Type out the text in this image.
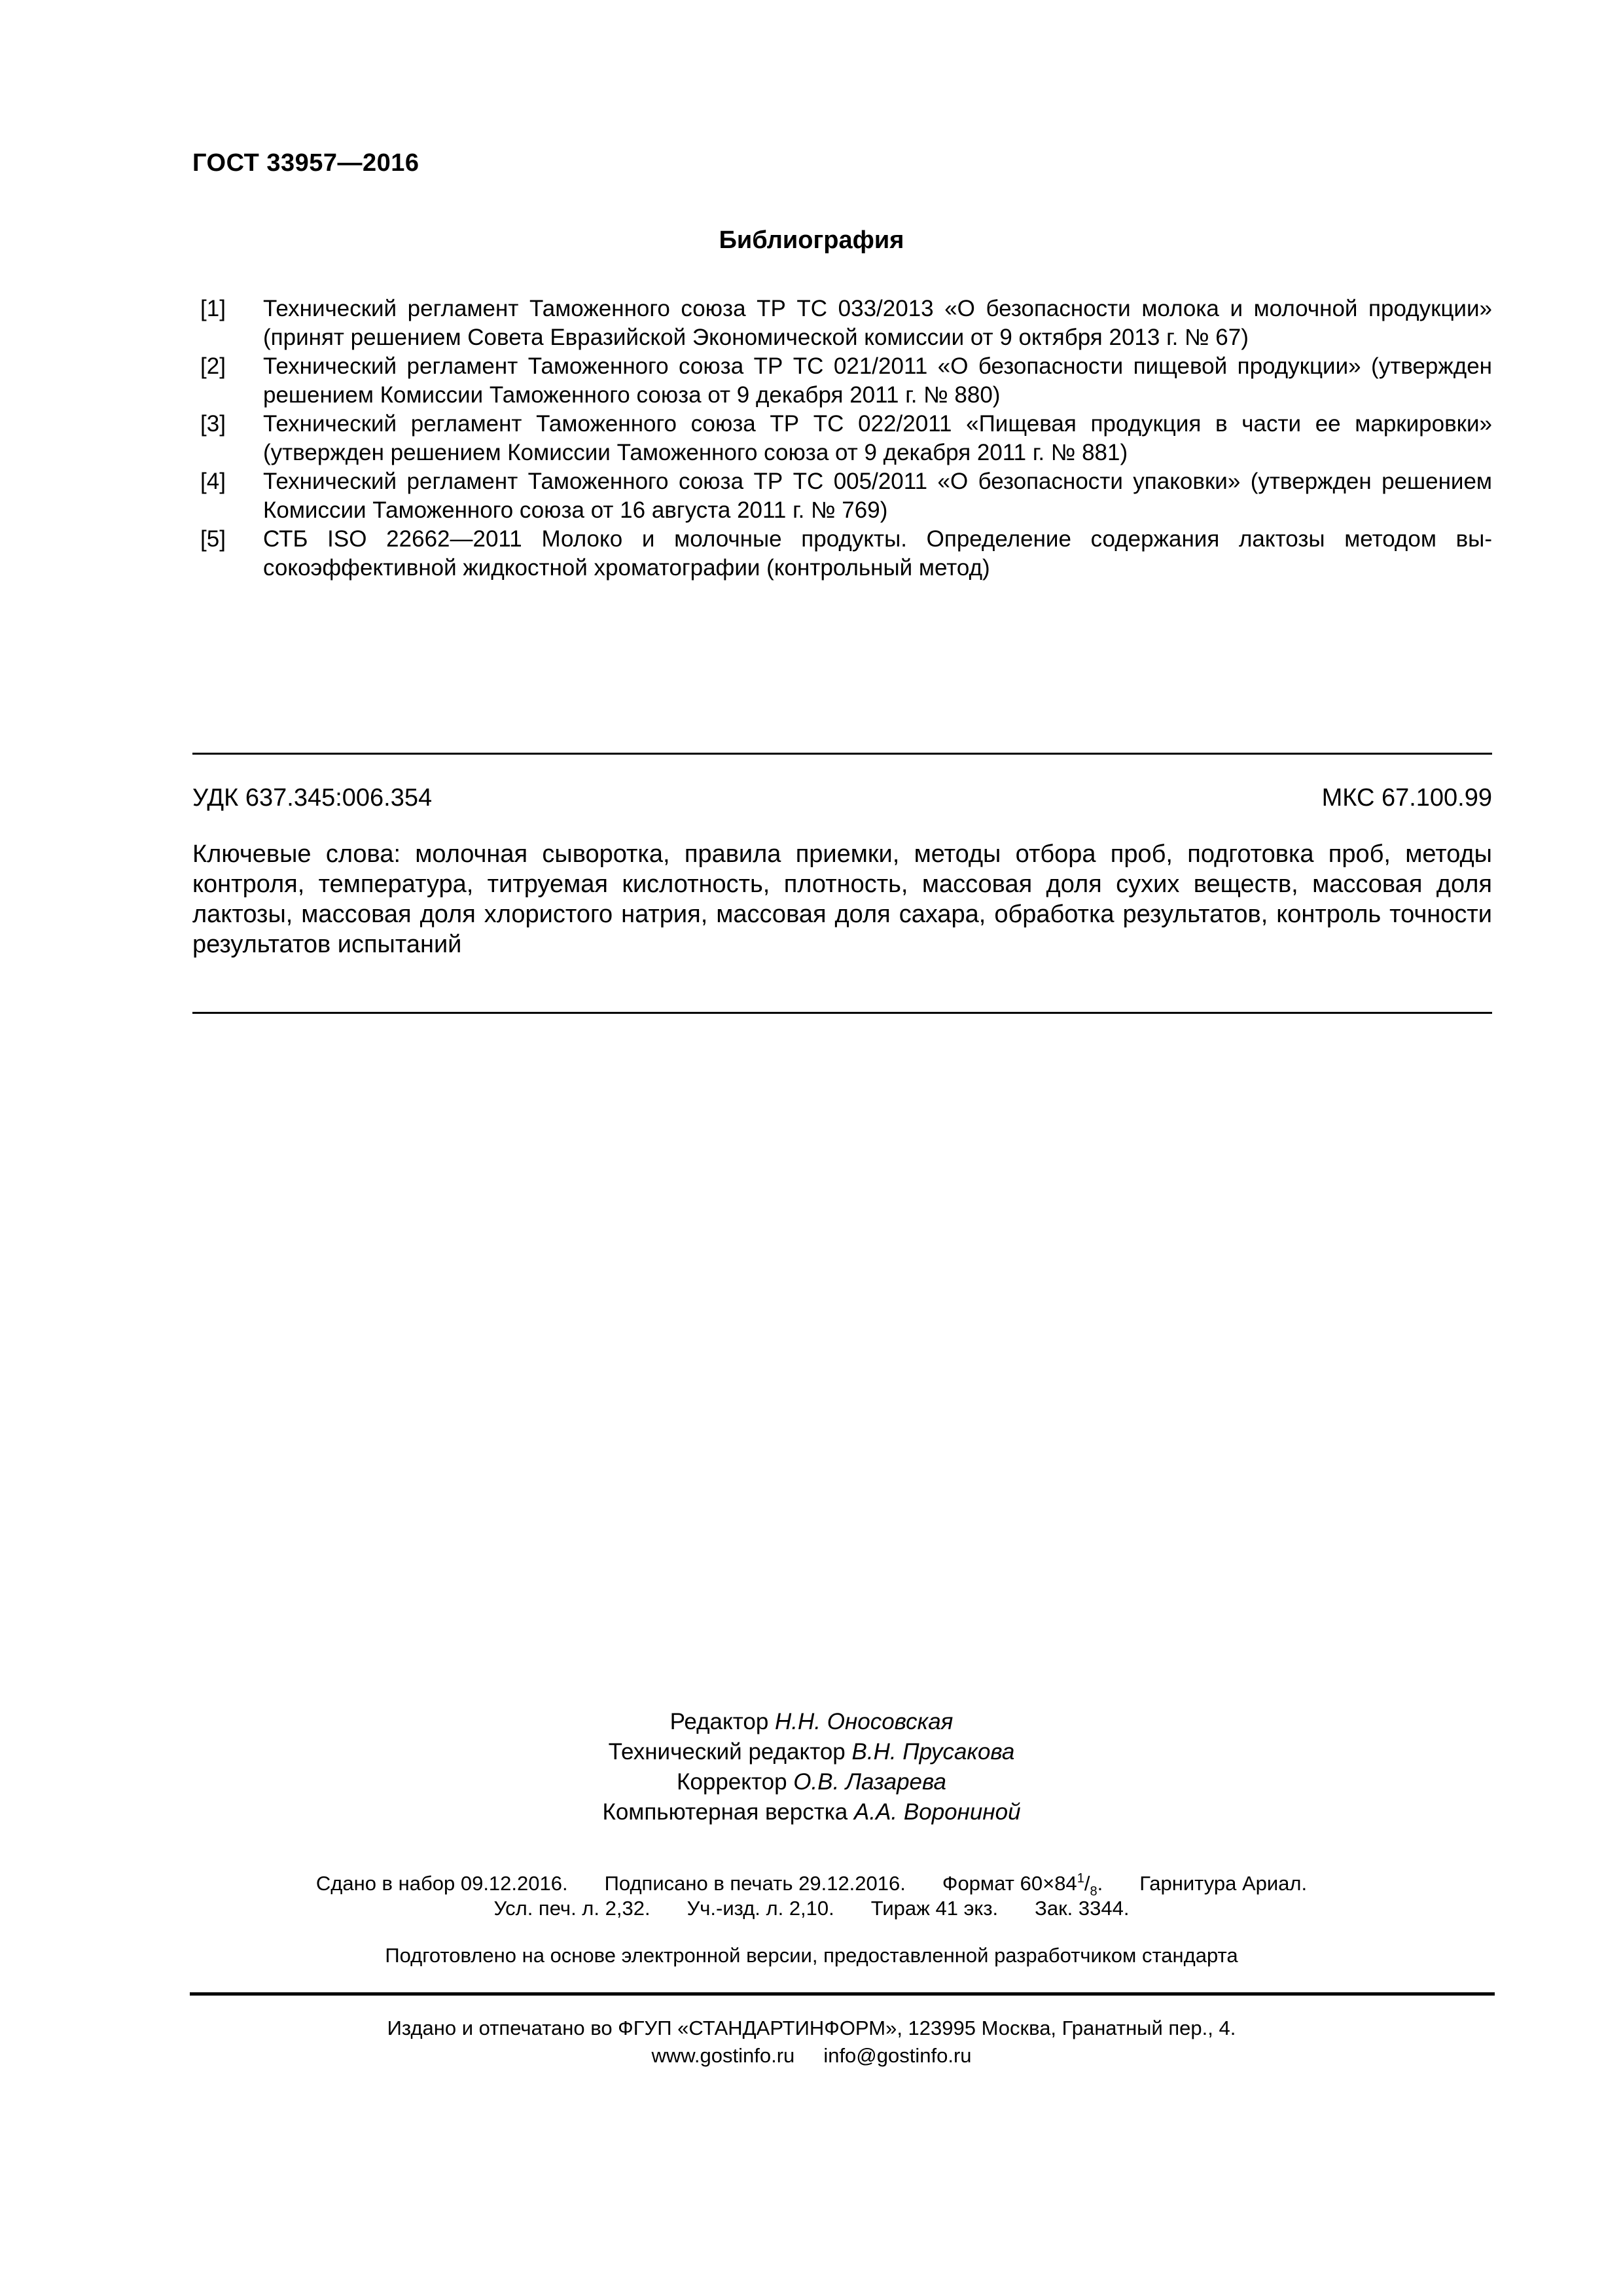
ГОСТ 33957—2016
Библиография
[1]	Технический регламент Таможенного союза ТР ТС 033/2013 «О безопасности молока и молочной продукции» (принят решением Совета Евразийской Экономической комиссии от 9 октября 2013 г. № 67)
[2]	Технический регламент Таможенного союза ТР ТС 021/2011 «О безопасности пищевой продукции» (утвержден решением Комиссии Таможенного союза от 9 декабря 2011 г. № 880)
[3]	Технический регламент Таможенного союза ТР ТС 022/2011 «Пищевая продукция в части ее маркировки» (утвержден решением Комиссии Таможенного союза от 9 декабря 2011 г. № 881)
[4]	Технический регламент Таможенного союза ТР ТС 005/2011 «О безопасности упаковки» (утвержден решением Комиссии Таможенного союза от 16 августа 2011 г. № 769)
[5]	СТБ ISO 22662—2011 Молоко и молочные продукты. Определение содержания лактозы методом высокоэффективной жидкостной хроматографии (контрольный метод)
УДК 637.345:006.354	МКС 67.100.99
Ключевые слова: молочная сыворотка, правила приемки, методы отбора проб, подготовка проб, методы контроля, температура, титруемая кислотность, плотность, массовая доля сухих веществ, массовая доля лактозы, массовая доля хлористого натрия, массовая доля сахара, обработка результатов, контроль точности результатов испытаний
Редактор Н.Н. Оносовская
Технический редактор В.Н. Прусакова
Корректор О.В. Лазарева
Компьютерная верстка А.А. Ворониной
Сдано в набор 09.12.2016. Подписано в печать 29.12.2016. Формат $60\times 84^1/_8$. Гарнитура Ариал.
Усл. печ. л. 2,32. Уч.-изд. л. 2,10. Тираж 41 экз. Зак. 3344.
Подготовлено на основе электронной версии, предоставленной разработчиком стандарта
Издано и отпечатано во ФГУП «СТАНДАРТИНФОРМ», 123995 Москва, Гранатный пер., 4.
www.gostinfo.ru info@gostinfo.ru
